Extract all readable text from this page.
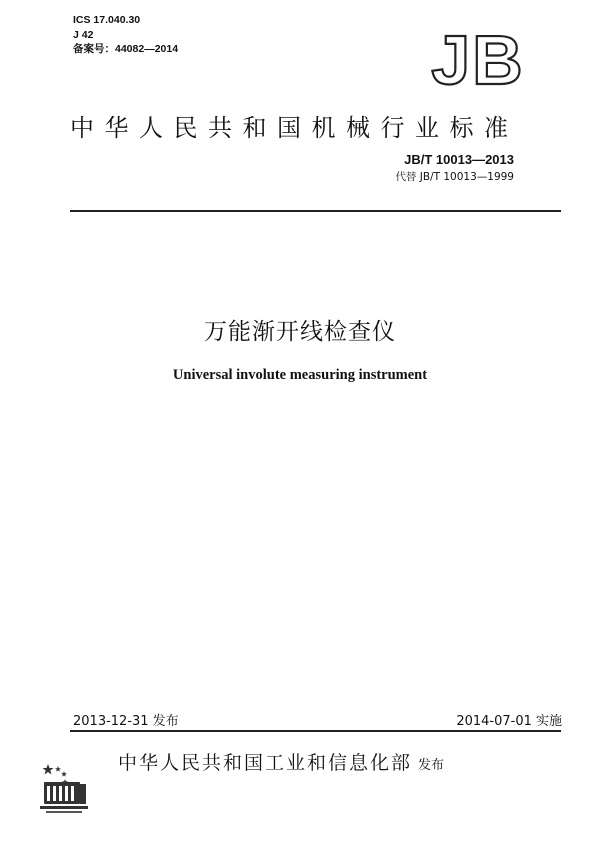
ICS 17.040.30
J 42
备案号：44082—2014	JB
中华人民共和国机械行业标准
JB/T 10013—2013
代替 JB/T 10013—1999
万能渐开线检查仪
Universal involute measuring instrument
2013-12-31 发布	2014-07-01 实施
中华人民共和国工业和信息化部 发布
